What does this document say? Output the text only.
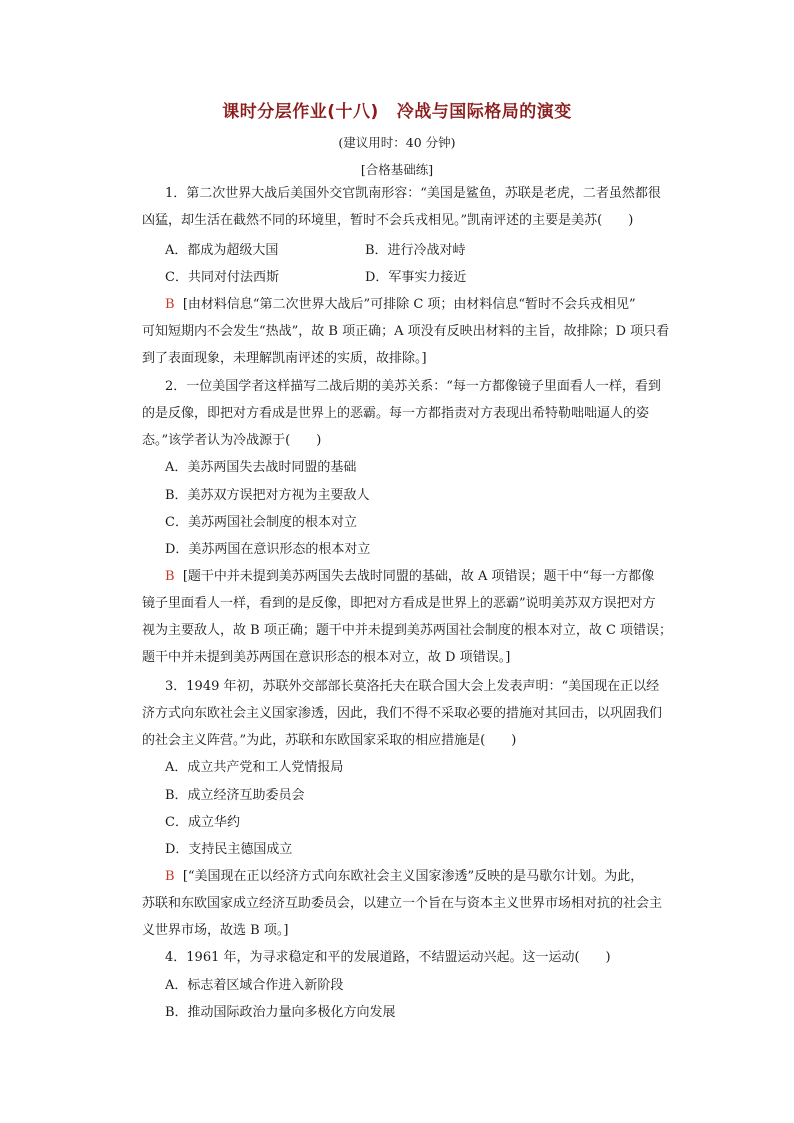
课时分层作业(十八) 冷战与国际格局的演变
(建议用时：40 分钟)
[合格基础练]
1．第二次世界大战后美国外交官凯南形容：“美国是鲨鱼，苏联是老虎，二者虽然都很
凶猛，却生活在截然不同的环境里，暂时不会兵戎相见。”凯南评述的主要是美苏(　　)
A．都成为超级大国	B．进行冷战对峙
C．共同对付法西斯	D．军事实力接近
B [由材料信息“第二次世界大战后”可排除 C 项；由材料信息“暂时不会兵戎相见”
可知短期内不会发生“热战”，故 B 项正确；A 项没有反映出材料的主旨，故排除；D 项只看
到了表面现象，未理解凯南评述的实质，故排除。]
2．一位美国学者这样描写二战后期的美苏关系：“每一方都像镜子里面看人一样，看到
的是反像，即把对方看成是世界上的恶霸。每一方都指责对方表现出希特勒咄咄逼人的姿
态。”该学者认为冷战源于(　　)
A．美苏两国失去战时同盟的基础
B．美苏双方误把对方视为主要敌人
C．美苏两国社会制度的根本对立
D．美苏两国在意识形态的根本对立
B [题干中并未提到美苏两国失去战时同盟的基础，故 A 项错误；题干中“每一方都像
镜子里面看人一样，看到的是反像，即把对方看成是世界上的恶霸”说明美苏双方误把对方
视为主要敌人，故 B 项正确；题干中并未提到美苏两国社会制度的根本对立，故 C 项错误；
题干中并未提到美苏两国在意识形态的根本对立，故 D 项错误。]
3．1949 年初，苏联外交部部长莫洛托夫在联合国大会上发表声明：“美国现在正以经
济方式向东欧社会主义国家渗透，因此，我们不得不采取必要的措施对其回击，以巩固我们
的社会主义阵营。”为此，苏联和东欧国家采取的相应措施是(　　)
A．成立共产党和工人党情报局
B．成立经济互助委员会
C．成立华约
D．支持民主德国成立
B [“美国现在正以经济方式向东欧社会主义国家渗透”反映的是马歇尔计划。为此，
苏联和东欧国家成立经济互助委员会，以建立一个旨在与资本主义世界市场相对抗的社会主
义世界市场，故选 B 项。]
4．1961 年，为寻求稳定和平的发展道路，不结盟运动兴起。这一运动(　　)
A．标志着区域合作进入新阶段
B．推动国际政治力量向多极化方向发展
